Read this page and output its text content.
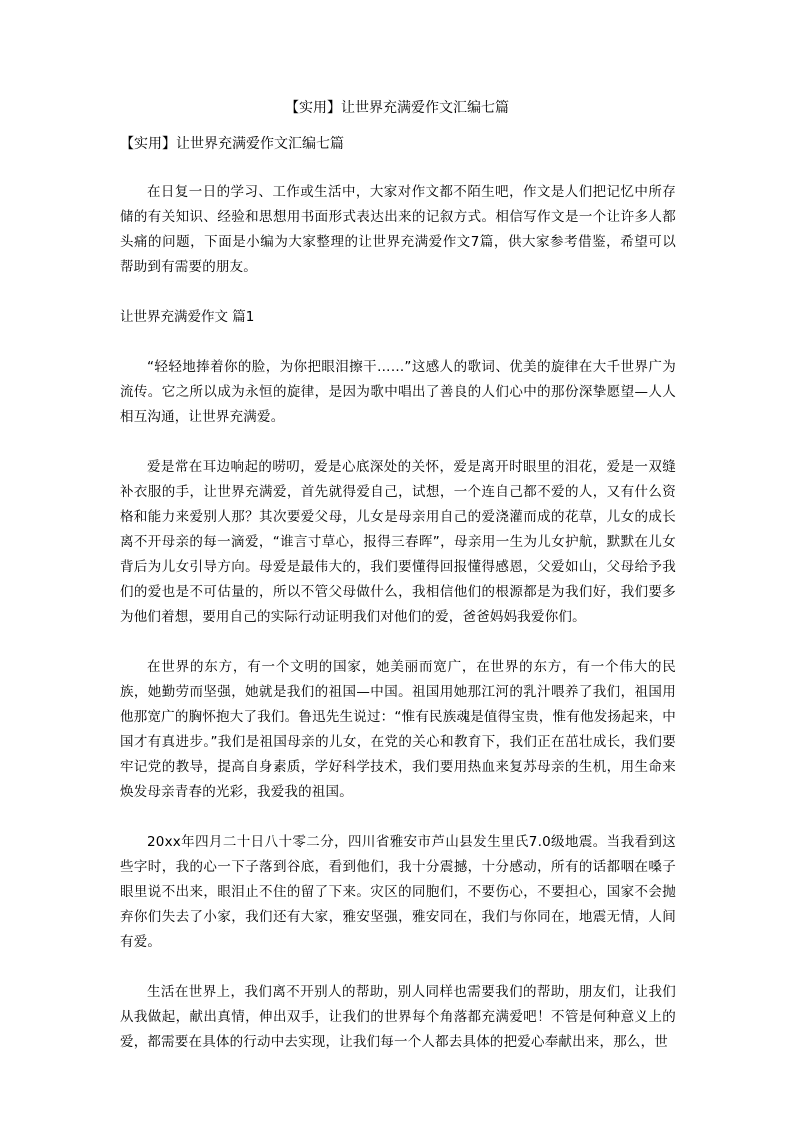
【实用】让世界充满爱作文汇编七篇
【实用】让世界充满爱作文汇编七篇

在日复一日的学习、工作或生活中，大家对作文都不陌生吧，作文是人们把记忆中所存储的有关知识、经验和思想用书面形式表达出来的记叙方式。相信写作文是一个让许多人都头痛的问题，下面是小编为大家整理的让世界充满爱作文7篇，供大家参考借鉴，希望可以帮助到有需要的朋友。

让世界充满爱作文 篇1

“轻轻地捧着你的脸，为你把眼泪擦干……”这感人的歌词、优美的旋律在大千世界广为流传。它之所以成为永恒的旋律，是因为歌中唱出了善良的人们心中的那份深挚愿望—人人相互沟通，让世界充满爱。

爱是常在耳边响起的唠叨，爱是心底深处的关怀，爱是离开时眼里的泪花，爱是一双缝补衣服的手，让世界充满爱，首先就得爱自己，试想，一个连自己都不爱的人，又有什么资格和能力来爱别人那？其次要爱父母，儿女是母亲用自己的爱浇灌而成的花草，儿女的成长离不开母亲的每一滴爱，“谁言寸草心，报得三春晖”，母亲用一生为儿女护航，默默在儿女背后为儿女引导方向。母爱是最伟大的，我们要懂得回报懂得感恩，父爱如山，父母给予我们的爱也是不可估量的，所以不管父母做什么，我相信他们的根源都是为我们好，我们要多为他们着想，要用自己的实际行动证明我们对他们的爱，爸爸妈妈我爱你们。

在世界的东方，有一个文明的国家，她美丽而宽广，在世界的东方，有一个伟大的民族，她勤劳而坚强，她就是我们的祖国—中国。祖国用她那江河的乳汁喂养了我们，祖国用他那宽广的胸怀抱大了我们。鲁迅先生说过：“惟有民族魂是值得宝贵，惟有他发扬起来，中国才有真进步。”我们是祖国母亲的儿女，在党的关心和教育下，我们正在茁壮成长，我们要牢记党的教导，提高自身素质，学好科学技术，我们要用热血来复苏母亲的生机，用生命来焕发母亲青春的光彩，我爱我的祖国。

20xx年四月二十日八十零二分，四川省雅安市芦山县发生里氏7.0级地震。当我看到这些字时，我的心一下子落到谷底，看到他们，我十分震撼，十分感动，所有的话都咽在嗓子眼里说不出来，眼泪止不住的留了下来。灾区的同胞们，不要伤心，不要担心，国家不会抛弃你们失去了小家，我们还有大家，雅安坚强，雅安同在，我们与你同在，地震无情，人间有爱。

生活在世界上，我们离不开别人的帮助，别人同样也需要我们的帮助，朋友们，让我们从我做起，献出真情，伸出双手，让我们的世界每个角落都充满爱吧！不管是何种意义上的爱，都需要在具体的行动中去实现，让我们每一个人都去具体的把爱心奉献出来，那么，世
